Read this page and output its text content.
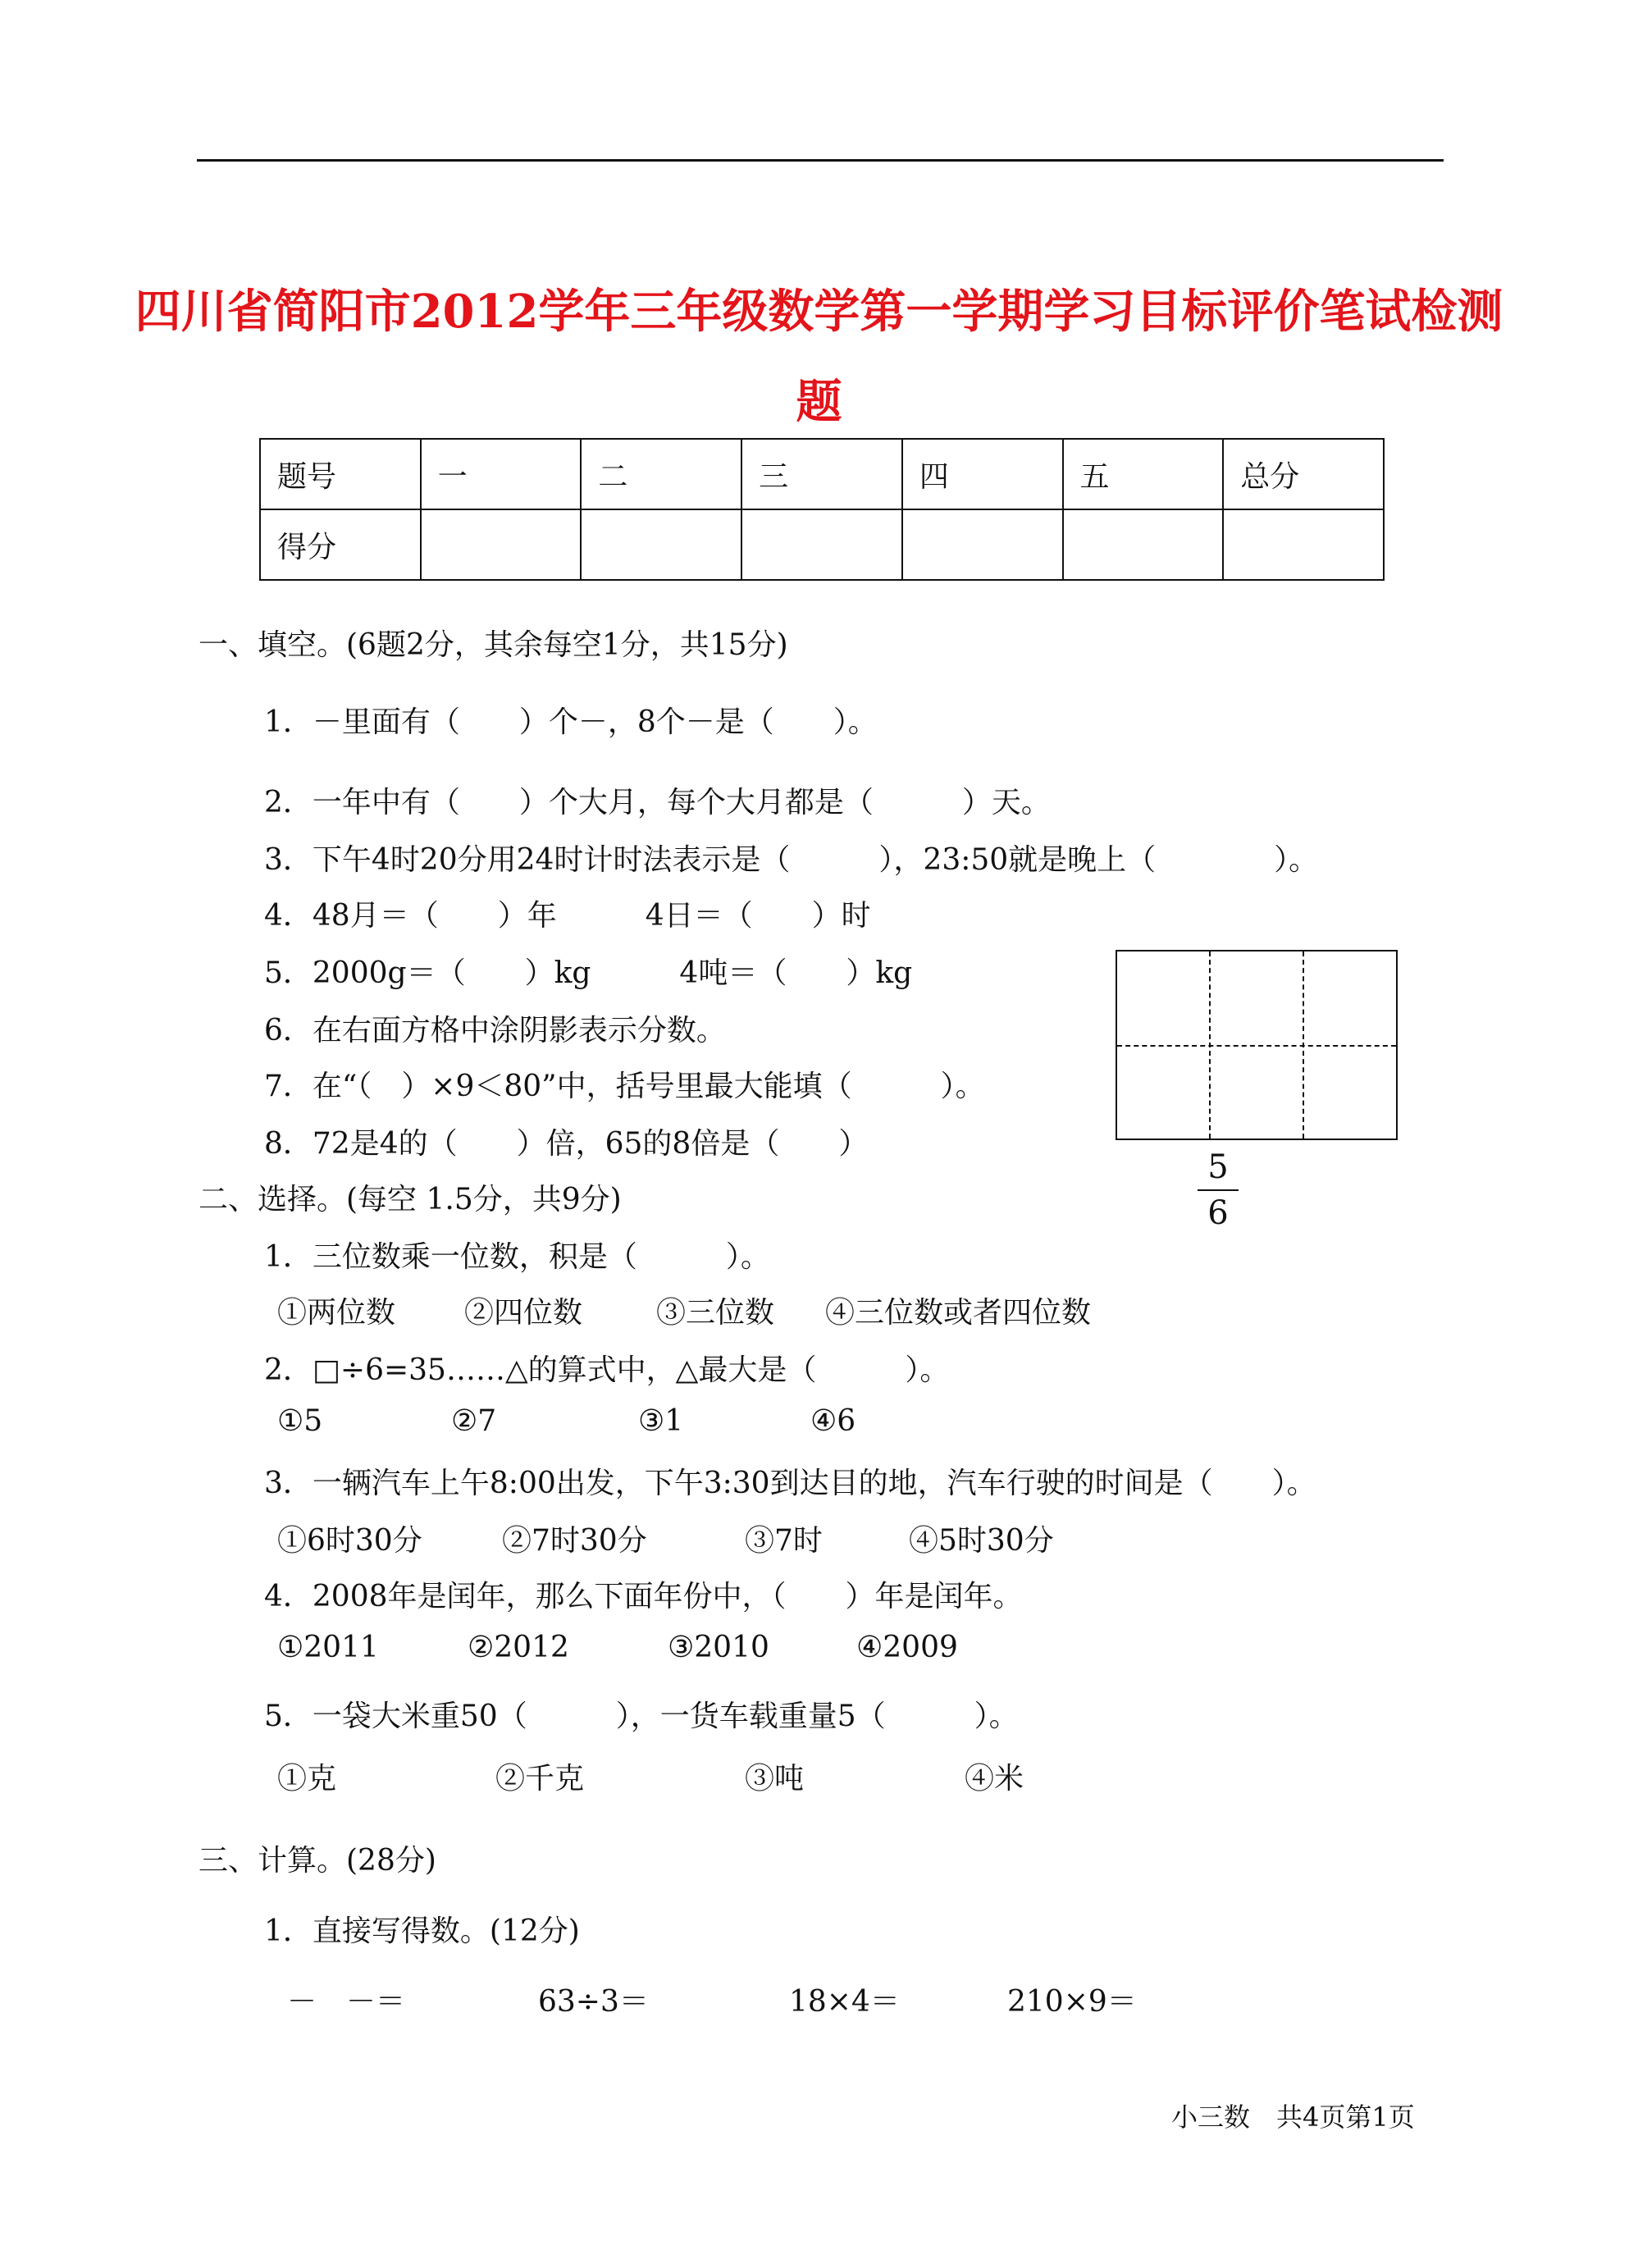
四川省简阳市2012学年三年级数学第一学期学习目标评价笔试检测
题
题号	一	二	三	四	五	总分
得分						
一、填空。(6题2分，其余每空1分，共15分)
1．－里面有（　　）个－，8个－是（　　）。
2．一年中有（　　）个大月，每个大月都是（　　　）天。
3．下午4时20分用24时计时法表示是（　　　），23:50就是晚上（　　　　）。
4．48月＝（　　）年　　　4日＝（　　）时
5．2000g＝（　　）kg　　　4吨＝（　　）kg
6．在右面方格中涂阴影表示分数。
7．在“（　）×9＜80”中，括号里最大能填（　　　）。
8．72是4的（　　）倍，65的8倍是（　　）
5
6
二、选择。(每空 1.5分，共9分)
1．三位数乘一位数，积是（　　　）。
①两位数 ②四位数 ③三位数 ④三位数或者四位数
2．□÷6=35……△的算式中，△最大是（　　　）。
①5	②7	③1	④6
3．一辆汽车上午8:00出发，下午3:30到达目的地，汽车行驶的时间是（　　）。
①6时30分	②7时30分	③7时	④5时30分
4．2008年是闰年，那么下面年份中，（　　）年是闰年。
①2011	②2012	③2010	④2009
5．一袋大米重50（　　　），一货车载重量5（　　　）。
①克	②千克	③吨	④米
三、计算。(28分)
1．直接写得数。(12分)
－　－＝	63÷3＝	18×4＝	210×9＝
小三数　共4页第1页
